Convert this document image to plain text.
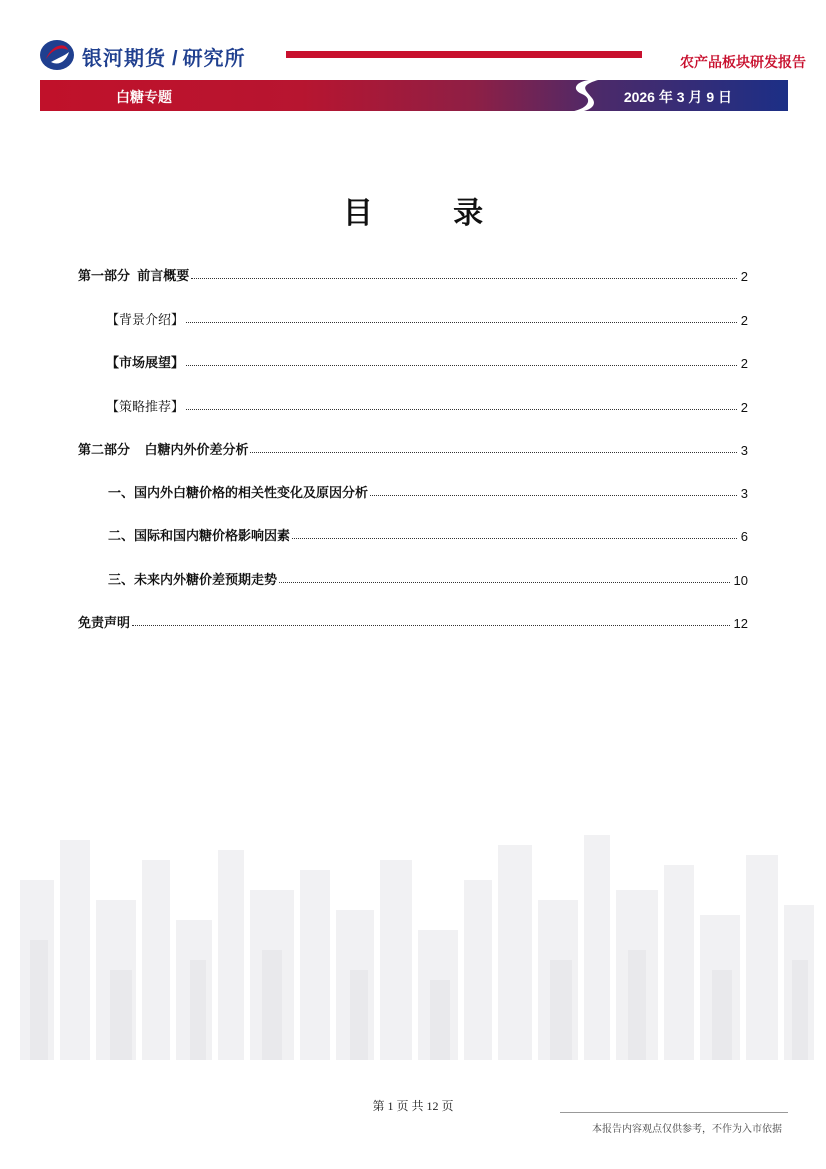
银河期货 / 研究所	农产品板块研发报告
白糖专题	2026 年 3 月 9 日
目 录
第一部分  前言概要	2
【背景介绍】	2
【市场展望】	2
【策略推荐】	2
第二部分    白糖内外价差分析	3
一、国内外白糖价格的相关性变化及原因分析	3
二、国际和国内糖价格影响因素	6
三、未来内外糖价差预期走势	10
免责声明	12
第 1 页 共 12 页
本报告内容观点仅供参考，不作为入市依据
